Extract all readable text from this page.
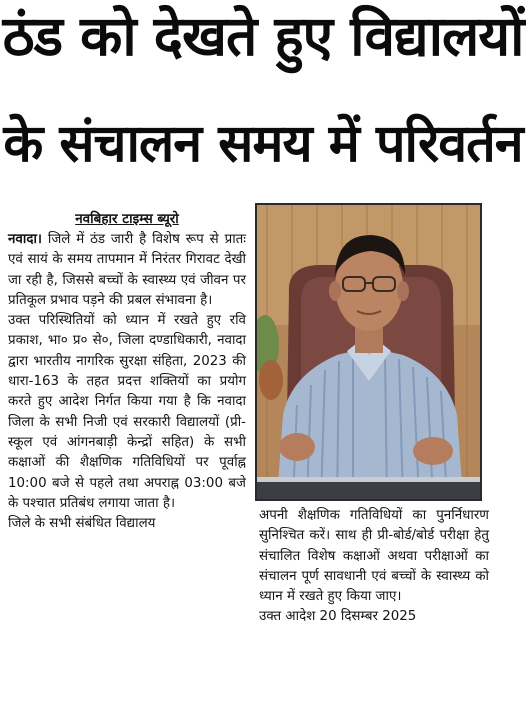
ठंड को देखते हुए विद्यालयों
के संचालन समय में परिवर्तन
नवबिहार टाइम्स ब्यूरो

नवादा। जिले में ठंड जारी है विशेष रूप से प्रातः एवं सायं के समय तापमान में निरंतर गिरावट देखी जा रही है, जिससे बच्चों के स्वास्थ्य एवं जीवन पर प्रतिकूल प्रभाव पड़ने की प्रबल संभावना है।

उक्त परिस्थितियों को ध्यान में रखते हुए रवि प्रकाश, भा० प्र० से०, जिला दण्डाधिकारी, नवादा द्वारा भारतीय नागरिक सुरक्षा संहिता, 2023 की धारा-163 के तहत प्रदत्त शक्तियों का प्रयोग करते हुए आदेश निर्गत किया गया है कि नवादा जिला के सभी निजी एवं सरकारी विद्यालयों (प्री-स्कूल एवं आंगनबाड़ी केन्द्रों सहित) के सभी कक्षाओं की शैक्षणिक गतिविधियों पर पूर्वाह्न 10:00 बजे से पहले तथा अपराह्न 03:00 बजे के पश्चात प्रतिबंध लगाया जाता है।

जिले के सभी संबंधित विद्यालय

अपनी शैक्षणिक गतिविधियों का पुनर्निधारण सुनिश्चित करें। साथ ही प्री-बोर्ड/बोर्ड परीक्षा हेतु संचालित विशेष कक्षाओं अथवा परीक्षाओं का संचालन पूर्ण सावधानी एवं बच्चों के स्वास्थ्य को ध्यान में रखते हुए किया जाए।

उक्त आदेश 20 दिसम्बर 2025
